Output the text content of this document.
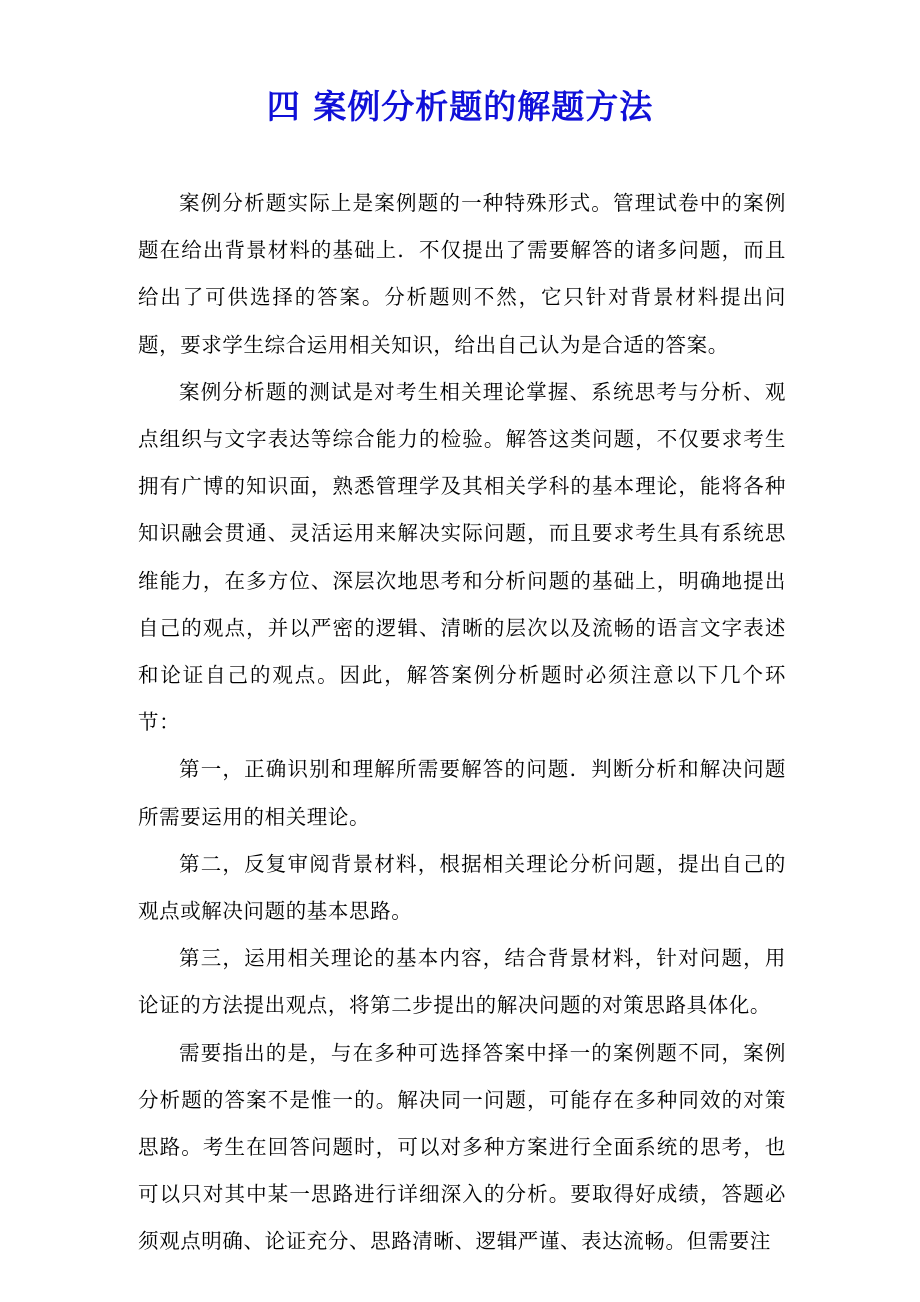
四 案例分析题的解题方法

案例分析题实际上是案例题的一种特殊形式。管理试卷中的案例题在给出背景材料的基础上．不仅提出了需要解答的诸多问题，而且给出了可供选择的答案。分析题则不然，它只针对背景材料提出问题，要求学生综合运用相关知识，给出自己认为是合适的答案。

案例分析题的测试是对考生相关理论掌握、系统思考与分析、观点组织与文字表达等综合能力的检验。解答这类问题，不仅要求考生拥有广博的知识面，熟悉管理学及其相关学科的基本理论，能将各种知识融会贯通、灵活运用来解决实际问题，而且要求考生具有系统思维能力，在多方位、深层次地思考和分析问题的基础上，明确地提出自己的观点，并以严密的逻辑、清晰的层次以及流畅的语言文字表述和论证自己的观点。因此，解答案例分析题时必须注意以下几个环节：

第一，正确识别和理解所需要解答的问题．判断分析和解决问题所需要运用的相关理论。

第二，反复审阅背景材料，根据相关理论分析问题，提出自己的观点或解决问题的基本思路。

第三，运用相关理论的基本内容，结合背景材料，针对问题，用论证的方法提出观点，将第二步提出的解决问题的对策思路具体化。

需要指出的是，与在多种可选择答案中择一的案例题不同，案例分析题的答案不是惟一的。解决同一问题，可能存在多种同效的对策思路。考生在回答问题时，可以对多种方案进行全面系统的思考，也可以只对其中某一思路进行详细深入的分析。要取得好成绩，答题必须观点明确、论证充分、思路清晰、逻辑严谨、表达流畅。但需要注
